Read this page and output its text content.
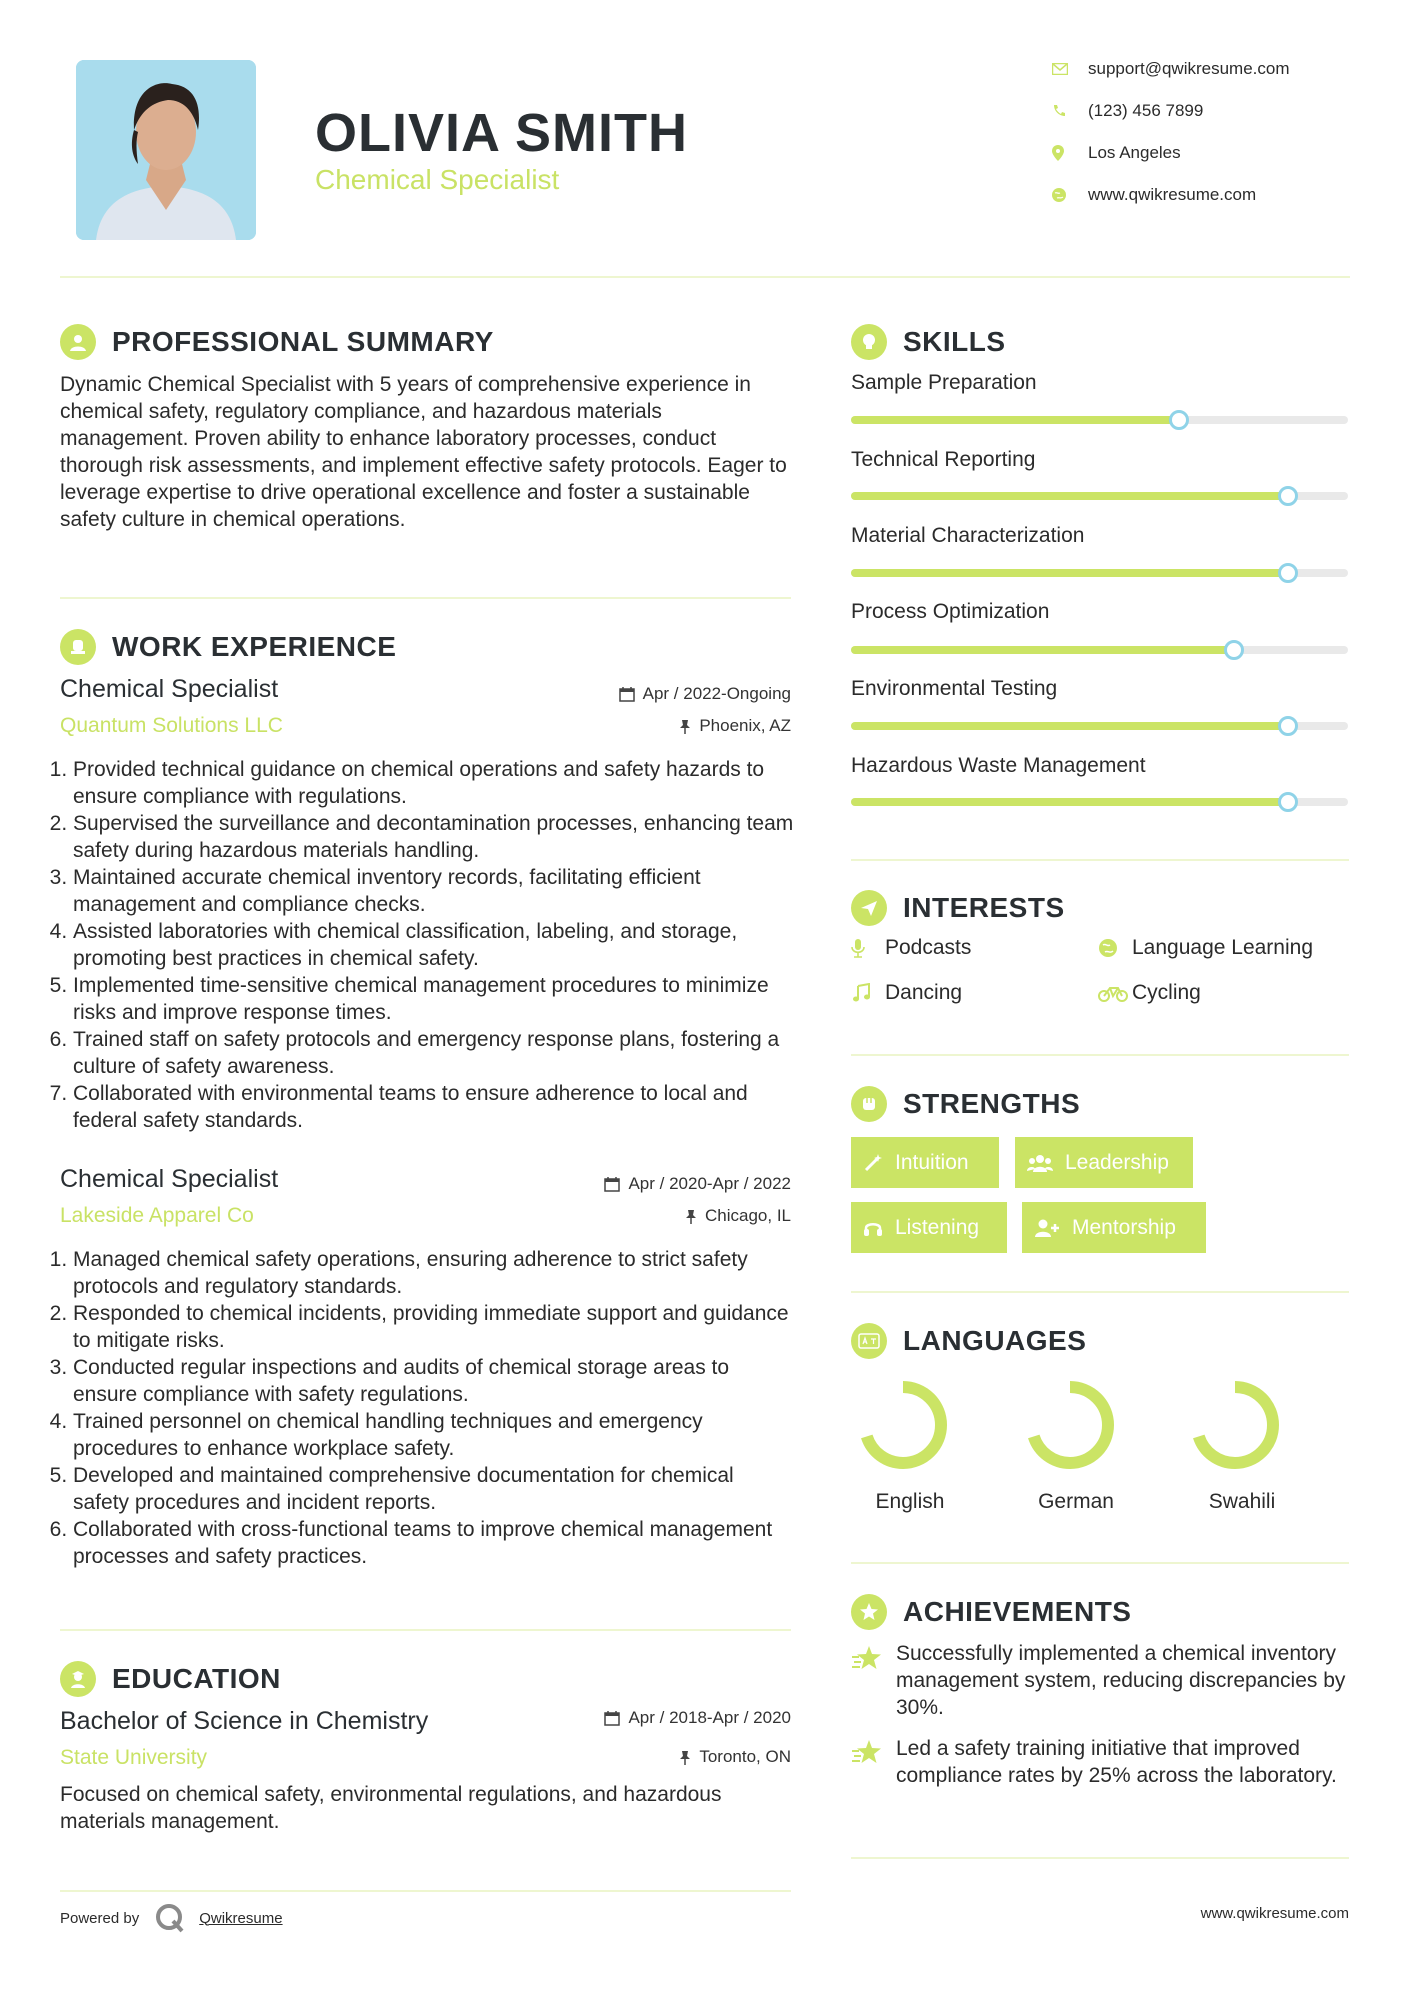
OLIVIA SMITH
Chemical Specialist
support@qwikresume.com
(123) 456 7899
Los Angeles
www.qwikresume.com
PROFESSIONAL SUMMARY
Dynamic Chemical Specialist with 5 years of comprehensive experience in chemical safety, regulatory compliance, and hazardous materials management. Proven ability to enhance laboratory processes, conduct thorough risk assessments, and implement effective safety protocols. Eager to leverage expertise to drive operational excellence and foster a sustainable safety culture in chemical operations.
WORK EXPERIENCE
Chemical Specialist
Quantum Solutions LLC
Apr / 2022-Ongoing
Phoenix, AZ
1. Provided technical guidance on chemical operations and safety hazards to ensure compliance with regulations.
2. Supervised the surveillance and decontamination processes, enhancing team safety during hazardous materials handling.
3. Maintained accurate chemical inventory records, facilitating efficient management and compliance checks.
4. Assisted laboratories with chemical classification, labeling, and storage, promoting best practices in chemical safety.
5. Implemented time-sensitive chemical management procedures to minimize risks and improve response times.
6. Trained staff on safety protocols and emergency response plans, fostering a culture of safety awareness.
7. Collaborated with environmental teams to ensure adherence to local and federal safety standards.
Chemical Specialist
Lakeside Apparel Co
Apr / 2020-Apr / 2022
Chicago, IL
1. Managed chemical safety operations, ensuring adherence to strict safety protocols and regulatory standards.
2. Responded to chemical incidents, providing immediate support and guidance to mitigate risks.
3. Conducted regular inspections and audits of chemical storage areas to ensure compliance with safety regulations.
4. Trained personnel on chemical handling techniques and emergency procedures to enhance workplace safety.
5. Developed and maintained comprehensive documentation for chemical safety procedures and incident reports.
6. Collaborated with cross-functional teams to improve chemical management processes and safety practices.
EDUCATION
Bachelor of Science in Chemistry
State University
Apr / 2018-Apr / 2020
Toronto, ON
Focused on chemical safety, environmental regulations, and hazardous materials management.
SKILLS
Sample Preparation
Technical Reporting
Material Characterization
Process Optimization
Environmental Testing
Hazardous Waste Management
INTERESTS
Podcasts	Language Learning
Dancing	Cycling
STRENGTHS
Intuition	Leadership
Listening	Mentorship
LANGUAGES
English	German	Swahili
ACHIEVEMENTS
Successfully implemented a chemical inventory management system, reducing discrepancies by 30%.
Led a safety training initiative that improved compliance rates by 25% across the laboratory.
Powered by	Qwikresume	www.qwikresume.com
